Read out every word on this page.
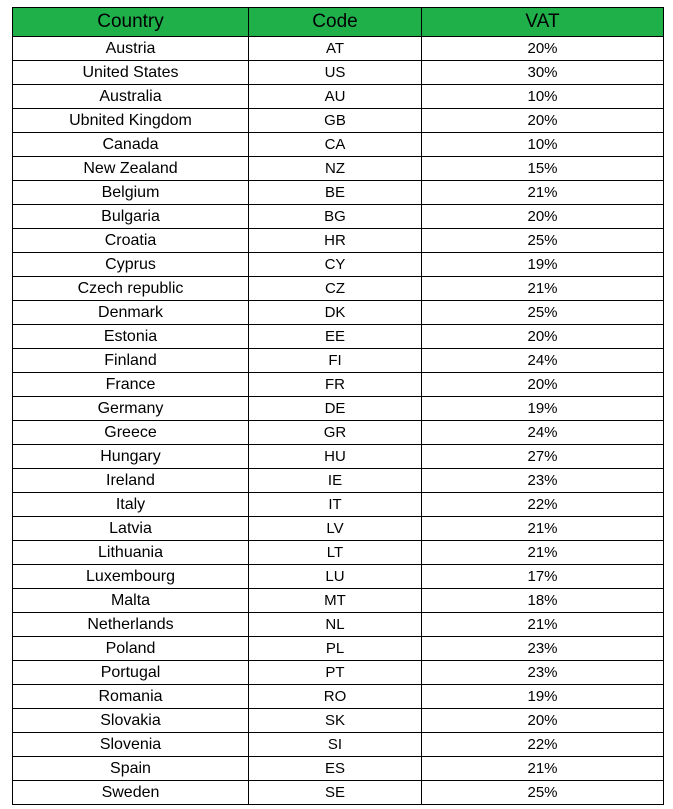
Country	Code	VAT
Austria	AT	20%
United States	US	30%
Australia	AU	10%
Ubnited Kingdom	GB	20%
Canada	CA	10%
New Zealand	NZ	15%
Belgium	BE	21%
Bulgaria	BG	20%
Croatia	HR	25%
Cyprus	CY	19%
Czech republic	CZ	21%
Denmark	DK	25%
Estonia	EE	20%
Finland	FI	24%
France	FR	20%
Germany	DE	19%
Greece	GR	24%
Hungary	HU	27%
Ireland	IE	23%
Italy	IT	22%
Latvia	LV	21%
Lithuania	LT	21%
Luxembourg	LU	17%
Malta	MT	18%
Netherlands	NL	21%
Poland	PL	23%
Portugal	PT	23%
Romania	RO	19%
Slovakia	SK	20%
Slovenia	SI	22%
Spain	ES	21%
Sweden	SE	25%
